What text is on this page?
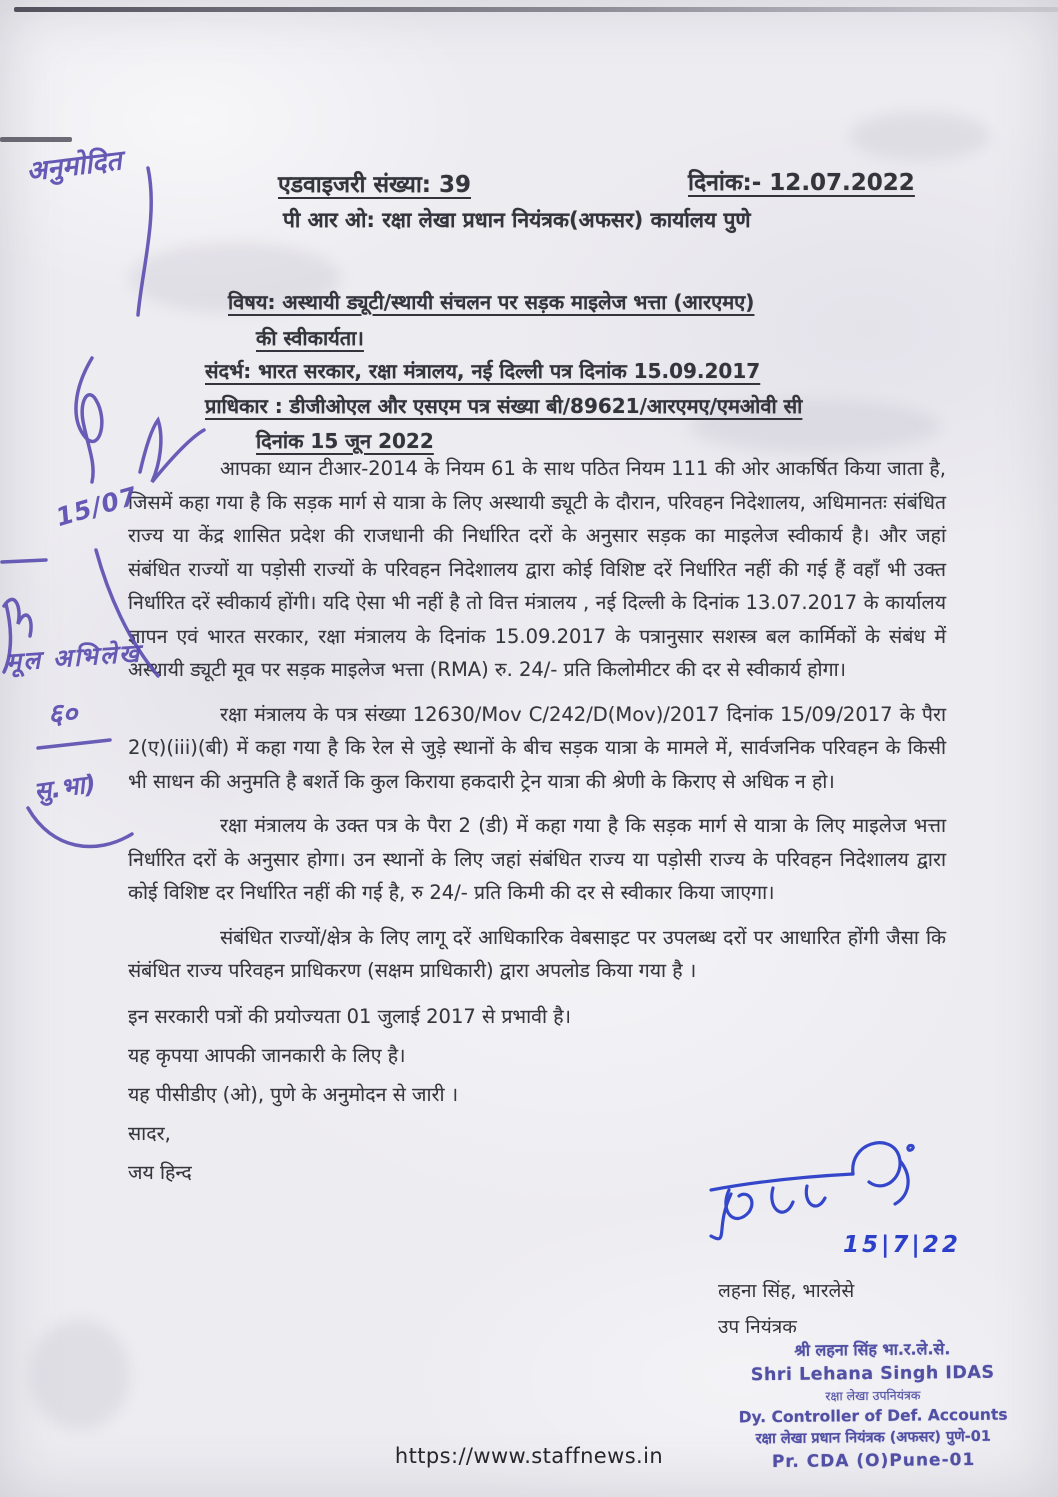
एडवाइजरी संख्या: 39	दिनांक:- 12.07.2022
पी आर ओ: रक्षा लेखा प्रधान नियंत्रक(अफसर) कार्यालय पुणे
विषय: अस्थायी ड्यूटी/स्थायी संचलन पर सड़क माइलेज भत्ता (आरएमए)
की स्वीकार्यता।
संदर्भ: भारत सरकार, रक्षा मंत्रालय, नई दिल्ली पत्र दिनांक 15.09.2017
प्राधिकार : डीजीओएल और एसएम पत्र संख्या बी/89621/आरएमए/एमओवी सी
दिनांक 15 जून 2022

आपका ध्यान टीआर-2014 के नियम 61 के साथ पठित नियम 111 की ओर आकर्षित किया जाता है, जिसमें कहा गया है कि सड़क मार्ग से यात्रा के लिए अस्थायी ड्यूटी के दौरान, परिवहन निदेशालय, अधिमानतः संबंधित राज्य या केंद्र शासित प्रदेश की राजधानी की निर्धारित दरों के अनुसार सड़क का माइलेज स्वीकार्य है। और जहां संबंधित राज्यों या पड़ोसी राज्यों के परिवहन निदेशालय द्वारा कोई विशिष्ट दरें निर्धारित नहीं की गई हैं वहाँ भी उक्त निर्धारित दरें स्वीकार्य होंगी। यदि ऐसा भी नहीं है तो वित्त मंत्रालय , नई दिल्ली के दिनांक 13.07.2017 के कार्यालय ज्ञापन एवं भारत सरकार, रक्षा मंत्रालय के दिनांक 15.09.2017 के पत्रानुसार सशस्त्र बल कार्मिकों के संबंध में अस्थायी ड्यूटी मूव पर सड़क माइलेज भत्ता (RMA) रु. 24/- प्रति किलोमीटर की दर से स्वीकार्य होगा।

रक्षा मंत्रालय के पत्र संख्या 12630/Mov C/242/D(Mov)/2017 दिनांक 15/09/2017 के पैरा 2(ए)(iii)(बी) में कहा गया है कि रेल से जुड़े स्थानों के बीच सड़क यात्रा के मामले में, सार्वजनिक परिवहन के किसी भी साधन की अनुमति है बशर्ते कि कुल किराया हकदारी ट्रेन यात्रा की श्रेणी के किराए से अधिक न हो।

रक्षा मंत्रालय के उक्त पत्र के पैरा 2 (डी) में कहा गया है कि सड़क मार्ग से यात्रा के लिए माइलेज भत्ता निर्धारित दरों के अनुसार होगा। उन स्थानों के लिए जहां संबंधित राज्य या पड़ोसी राज्य के परिवहन निदेशालय द्वारा कोई विशिष्ट दर निर्धारित नहीं की गई है, रु 24/- प्रति किमी की दर से स्वीकार किया जाएगा।

संबंधित राज्यों/क्षेत्र के लिए लागू दरें आधिकारिक वेबसाइट पर उपलब्ध दरों पर आधारित होंगी जैसा कि संबंधित राज्य परिवहन प्राधिकरण (सक्षम प्राधिकारी) द्वारा अपलोड किया गया है ।

इन सरकारी पत्रों की प्रयोज्यता 01 जुलाई 2017 से प्रभावी है।

यह कृपया आपकी जानकारी के लिए है।

यह पीसीडीए (ओ), पुणे के अनुमोदन से जारी ।

सादर,

जय हिन्द

अनुमोदित
15/07
मूल अभिलेख
६०
सु.भा)
15|7|22
लहना सिंह, भारलेसे
उप नियंत्रक
श्री लहना सिंह भा.र.ले.से.
Shri Lehana Singh IDAS
रक्षा लेखा उपनियंत्रक
Dy. Controller of Def. Accounts
रक्षा लेखा प्रधान नियंत्रक (अफसर) पुणे-01
Pr. CDA (O)Pune-01
https://www.staffnews.in
